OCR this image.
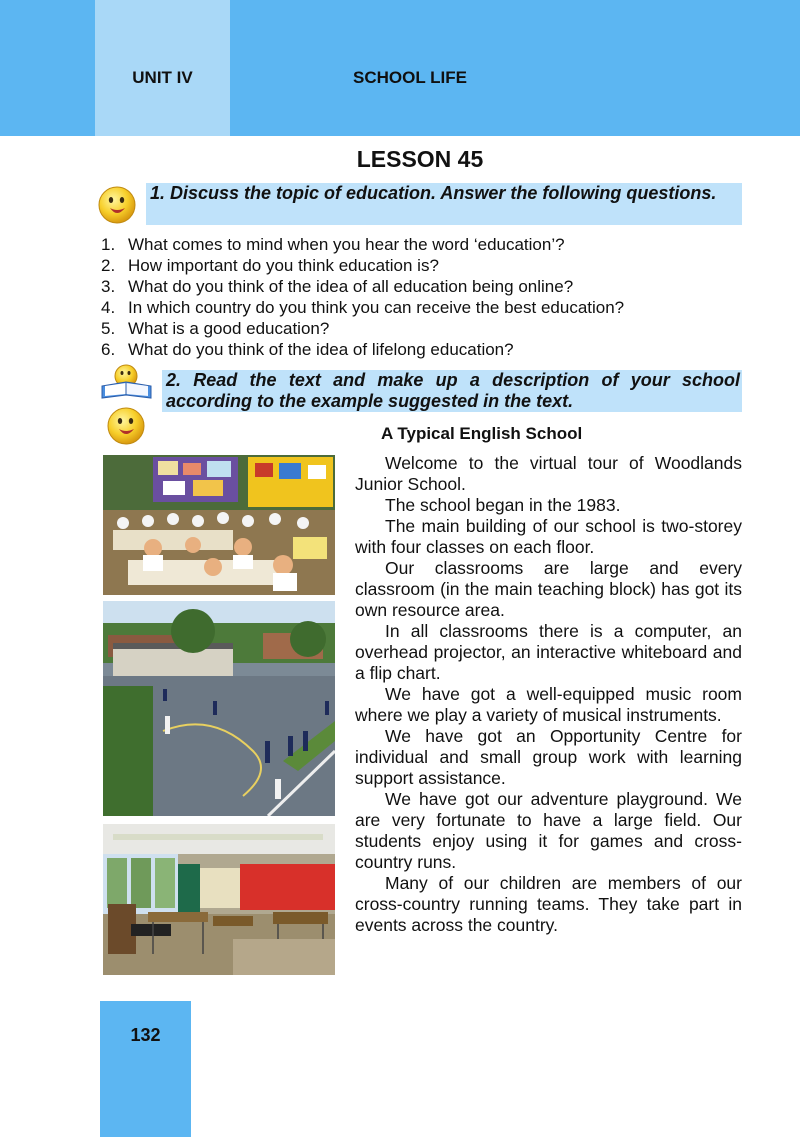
UNIT IV	SCHOOL LIFE
LESSON 45
1. Discuss the topic of education. Answer the following questions.
1. What comes to mind when you hear the word ‘education’?
2. How important do you think education is?
3. What do you think of the idea of all education being online?
4. In which country do you think you can receive the best education?
5. What is a good education?
6. What do you think of the idea of lifelong education?
2. Read the text and make up a description of your school according to the example suggested in the text.
A Typical English School

Welcome to the virtual tour of Woodlands Junior School.

The school began in the 1983.

The main building of our school is two-storey with four classes on each floor.

Our classrooms are large and every classroom (in the main teaching block) has got its own resource area.

In all classrooms there is a computer, an overhead projector, an interactive whiteboard and a flip chart.

We have got a well-equipped music room where we play a variety of musical instruments.

We have got an Opportunity Centre for individual and small group work with learning support assistance.

We have got our adventure playground. We are very fortunate to have a large field. Our students enjoy using it for games and cross-country runs.

Many of our children are members of our cross-country running teams. They take part in events across the country.

132
